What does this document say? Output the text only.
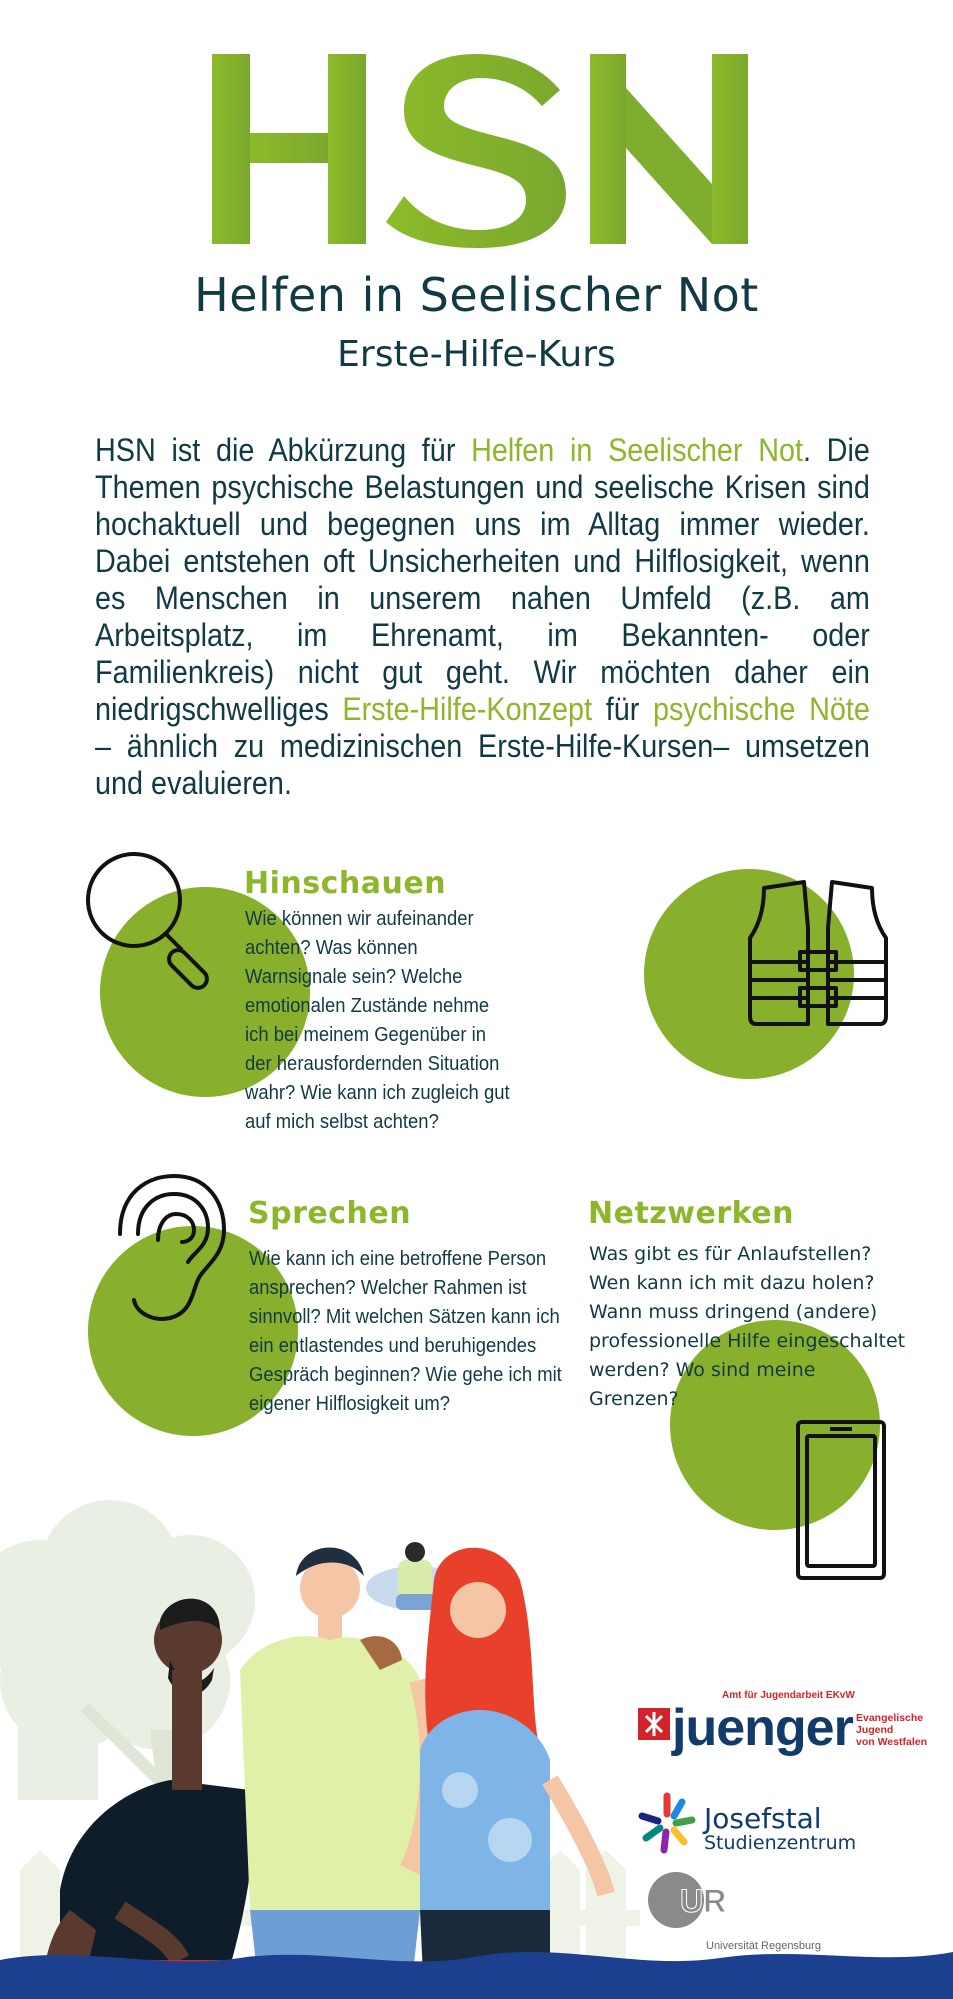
Helfen in Seelischer Not
Erste-Hilfe-Kurs

HSN ist die Abkürzung für Helfen in Seelischer Not. Die Themen psychische Belastungen und seelische Krisen sind hochaktuell und begegnen uns im Alltag immer wieder. Dabei entstehen oft Unsicherheiten und Hilflosigkeit, wenn es Menschen in unserem nahen Umfeld (z.B. am Arbeitsplatz, im Ehrenamt, im Bekannten- oder Familienkreis) nicht gut geht. Wir möchten daher ein niedrigschwelliges Erste-Hilfe-Konzept für psychische Nöte – ähnlich zu medizinischen Erste-Hilfe-Kursen– umsetzen und evaluieren.

Hinschauen
Wie können wir aufeinander achten? Was können Warnsignale sein? Welche emotionalen Zustände nehme ich bei meinem Gegenüber in der herausfordernden Situation wahr? Wie kann ich zugleich gut auf mich selbst achten?
Sprechen
Wie kann ich eine betroffene Person ansprechen? Welcher Rahmen ist sinnvoll? Mit welchen Sätzen kann ich ein entlastendes und beruhigendes Gespräch beginnen? Wie gehe ich mit eigener Hilflosigkeit um?
Netzwerken
Was gibt es für Anlaufstellen? Wen kann ich mit dazu holen? Wann muss dringend (andere) professionelle Hilfe eingeschaltet werden? Wo sind meine Grenzen?
Amt für Jugendarbeit EKvW
juenger Evangelische
Jugend
von Westfalen
Josefstal
Studienzentrum
UR
Universität Regensburg
